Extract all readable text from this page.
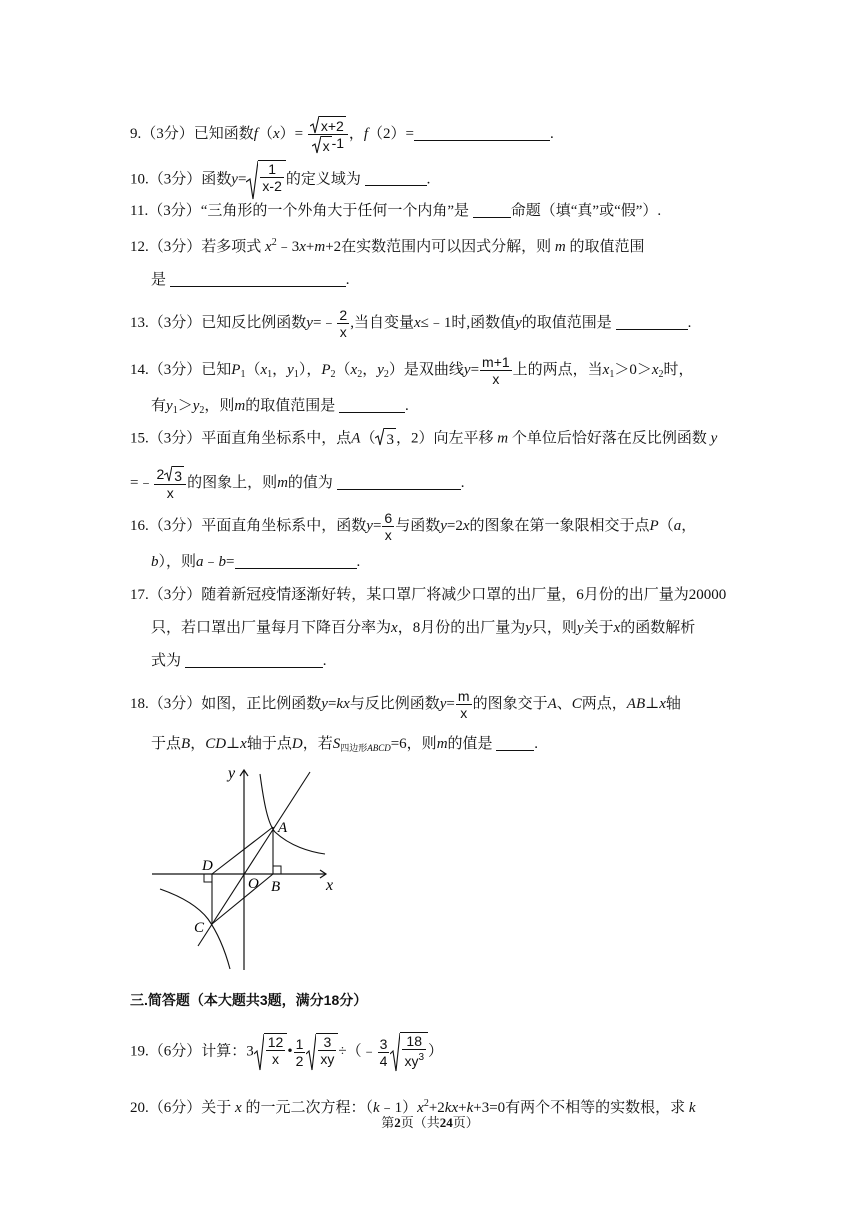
9.（3分）已知函数$f(x)= \frac{x+2}{x -1}$ ，f（2）=	.
10.（3分）函数$y= \frac{1}{x-2}$ 的定义域为	.
11.（3分）“三角形的一个外角大于任何一个内角”是	命题（填“真”或“假”）.
12.（3分）若多项式 $x^2﹣3x+m+2$在实数范围内可以因式分解，则 m 的取值范围
是	.
13.（3分）已知反比例函数y=﹣ $\frac{2}{x}$ ,当自变量x≤﹣1时,函数值y的取值范围是	.
14.（3分）已知$P_1(x_1$，$y_1$），$P_2(x_2$，$y_2$）是双曲线$y= \frac{m+1}{x}$ 上的两点，当$x_1>0>x_2$时，
有$y_1>y_2$，则m的取值范围是	.
15.（3分）平面直角坐标系中，点A（ 3 ，2）向左平移 m 个单位后恰好落在反比例函数 y
=﹣ $\frac{2 3}{x}$ 的图象上，则m的值为	.
16.（3分）平面直角坐标系中，函数$y= \frac{6}{x}$ 与函数y=2x的图象在第一象限相交于点P（a，
b），则a﹣b=	.
17.（3分）随着新冠疫情逐渐好转，某口罩厂将减少口罩的出厂量，6月份的出厂量为20000
只，若口罩出厂量每月下降百分率为x，8月份的出厂量为y只，则y关于x的函数解析
式为	.
18.（3分）如图，正比例函数y=kx与反比例函数$y= \frac{m}{x}$ 的图象交于A、C两点，AB⊥x轴
于点B，CD⊥x轴于点D，若$S_{四边形ABCD}=6$，则m的值是	.
y
x
A
B
C
D
O
三.简答题（本大题共3题，满分18分）
19.（6分）计算：$3 \frac{12}{x}$ • $\frac{1}{2} \frac{3}{xy}$ ÷（﹣ $\frac{3}{4} \frac{18}{xy^3}$ ）
20.（6分）关于 x 的一元二次方程：$(k﹣1)x^2+2kx+k+3=0$有两个不相等的实数根，求 k
第2页（共24页）
